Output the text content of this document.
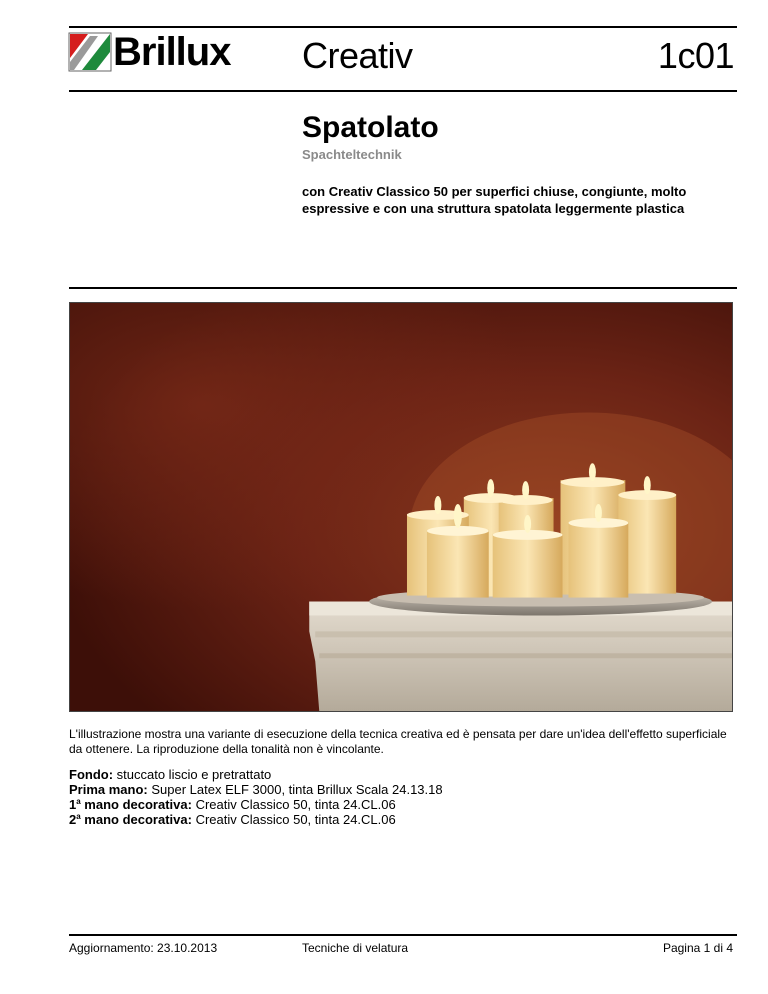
Brillux Creativ	1c01
Spatolato
Spachteltechnik
con Creativ Classico 50 per superfici chiuse, congiunte, molto espressive e con una struttura spatolata leggermente plastica

L'illustrazione mostra una variante di esecuzione della tecnica creativa ed è pensata per dare un'idea dell'effetto superficiale da ottenere. La riproduzione della tonalità non è vincolante.

Fondo: stuccato liscio e pretrattato
Prima mano: Super Latex ELF 3000, tinta Brillux Scala 24.13.18
1$^a$ mano decorativa: Creativ Classico 50, tinta 24.CL.06
2$^a$ mano decorativa: Creativ Classico 50, tinta 24.CL.06
Aggiornamento: 23.10.2013	Tecniche di velatura	Pagina 1 di 4
